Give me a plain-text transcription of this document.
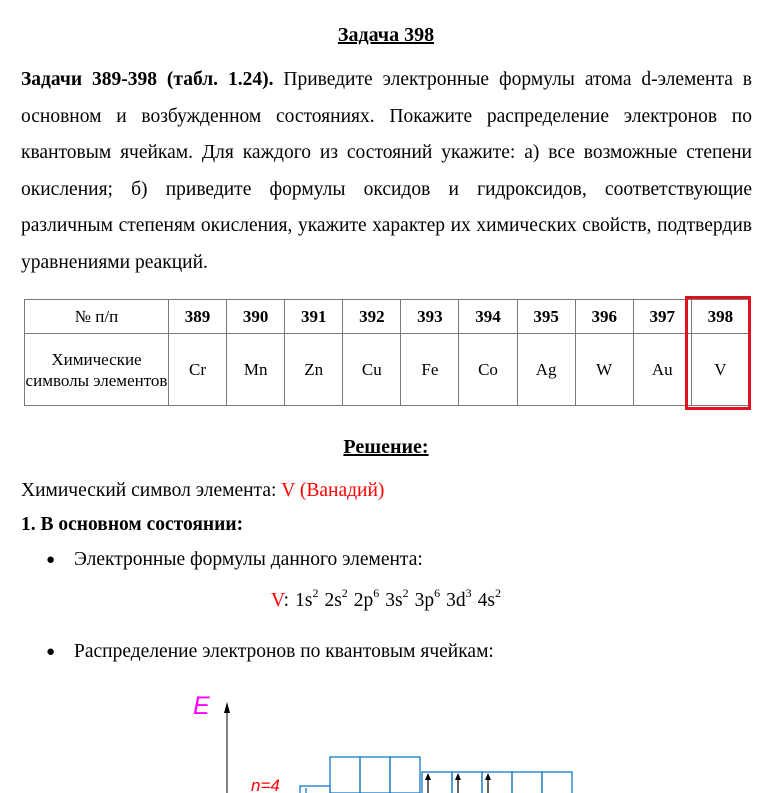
Задача 398
Задачи 389-398 (табл. 1.24). Приведите электронные формулы атома d-элемента в основном и возбужденном состояниях. Покажите распределение электронов по квантовым ячейкам. Для каждого из состояний укажите: а) все возможные степени окисления; б) приведите формулы оксидов и гидроксидов, соответствующие различным степеням окисления, укажите характер их химических свойств, подтвердив уравнениями реакций.
№ п/п	389	390	391	392	393	394	395	396	397	398
Химические символы элементов	Cr	Mn	Zn	Cu	Fe	Co	Ag	W	Au	V
Решение:
Химический символ элемента: V (Ванадий)
1. В основном состоянии:
● Электронные формулы данного элемента:
V: $1s^2$ $2s^2$ $2p^6$ $3s^2$ $3p^6$ $3d^3$ $4s^2$
● Распределение электронов по квантовым ячейкам:
E
n=4
